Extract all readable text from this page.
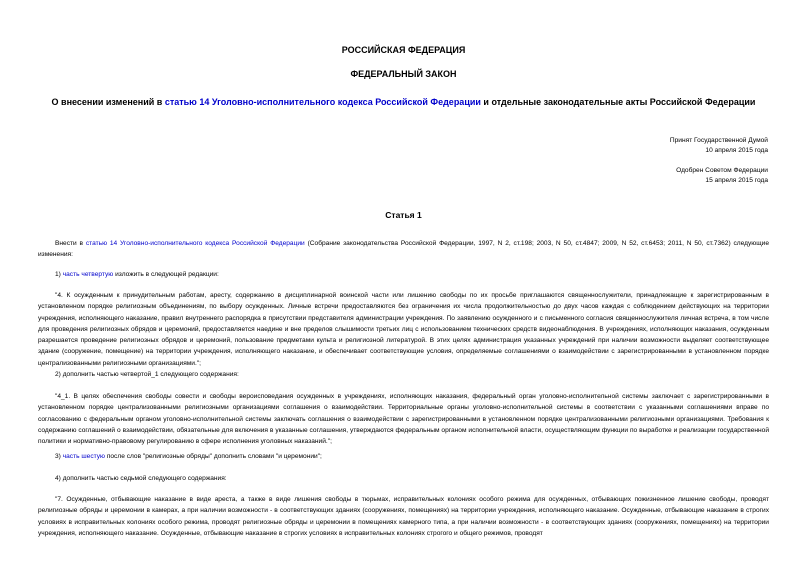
РОССИЙСКАЯ ФЕДЕРАЦИЯ
ФЕДЕРАЛЬНЫЙ ЗАКОН
О внесении изменений в статью 14 Уголовно-исполнительного кодекса Российской Федерации и отдельные законодательные акты Российской Федерации
Принят Государственной Думой
10 апреля 2015 года
Одобрен Советом Федерации
15 апреля 2015 года
Статья 1
Внести в статью 14 Уголовно-исполнительного кодекса Российской Федерации (Собрание законодательства Российской Федерации, 1997, N 2, ст.198; 2003, N 50, ст.4847; 2009, N 52, ст.6453; 2011, N 50, ст.7362) следующие изменения:
1) часть четвертую изложить в следующей редакции:
"4. К осужденным к принудительным работам, аресту, содержанию в дисциплинарной воинской части или лишению свободы по их просьбе приглашаются священнослужители, принадлежащие к зарегистрированным в установленном порядке религиозным объединениям, по выбору осужденных. Личные встречи предоставляются без ограничения их числа продолжительностью до двух часов каждая с соблюдением действующих на территории учреждения, исполняющего наказание, правил внутреннего распорядка в присутствии представителя администрации учреждения. По заявлению осужденного и с письменного согласия священнослужителя личная встреча, в том числе для проведения религиозных обрядов и церемоний, предоставляется наедине и вне пределов слышимости третьих лиц с использованием технических средств видеонаблюдения. В учреждениях, исполняющих наказания, осужденным разрешается проведение религиозных обрядов и церемоний, пользование предметами культа и религиозной литературой. В этих целях администрация указанных учреждений при наличии возможности выделяет соответствующее здание (сооружение, помещение) на территории учреждения, исполняющего наказание, и обеспечивает соответствующие условия, определяемые соглашениями о взаимодействии с зарегистрированными в установленном порядке централизованными религиозными организациями.";
2) дополнить частью четвертой_1 следующего содержания:
"4_1. В целях обеспечения свободы совести и свободы вероисповедания осужденных в учреждениях, исполняющих наказания, федеральный орган уголовно-исполнительной системы заключает с зарегистрированными в установленном порядке централизованными религиозными организациями соглашения о взаимодействии. Территориальные органы уголовно-исполнительной системы в соответствии с указанными соглашениями вправе по согласованию с федеральным органом уголовно-исполнительной системы заключать соглашения о взаимодействии с зарегистрированными в установленном порядке централизованными религиозными организациями. Требования к содержанию соглашений о взаимодействии, обязательные для включения в указанные соглашения, утверждаются федеральным органом исполнительной власти, осуществляющим функции по выработке и реализации государственной политики и нормативно-правовому регулированию в сфере исполнения уголовных наказаний.";
3) часть шестую после слов "религиозные обряды" дополнить словами "и церемонии";
4) дополнить частью седьмой следующего содержания:
"7. Осужденные, отбывающие наказание в виде ареста, а также в виде лишения свободы в тюрьмах, исправительных колониях особого режима для осужденных, отбывающих пожизненное лишение свободы, проводят религиозные обряды и церемонии в камерах, а при наличии возможности - в соответствующих зданиях (сооружениях, помещениях) на территории учреждения, исполняющего наказание. Осужденные, отбывающие наказание в строгих условиях в исправительных колониях особого режима, проводят религиозные обряды и церемонии в помещениях камерного типа, а при наличии возможности - в соответствующих зданиях (сооружениях, помещениях) на территории учреждения, исполняющего наказание. Осужденные, отбывающие наказание в строгих условиях в исправительных колониях строгого и общего режимов, проводят
